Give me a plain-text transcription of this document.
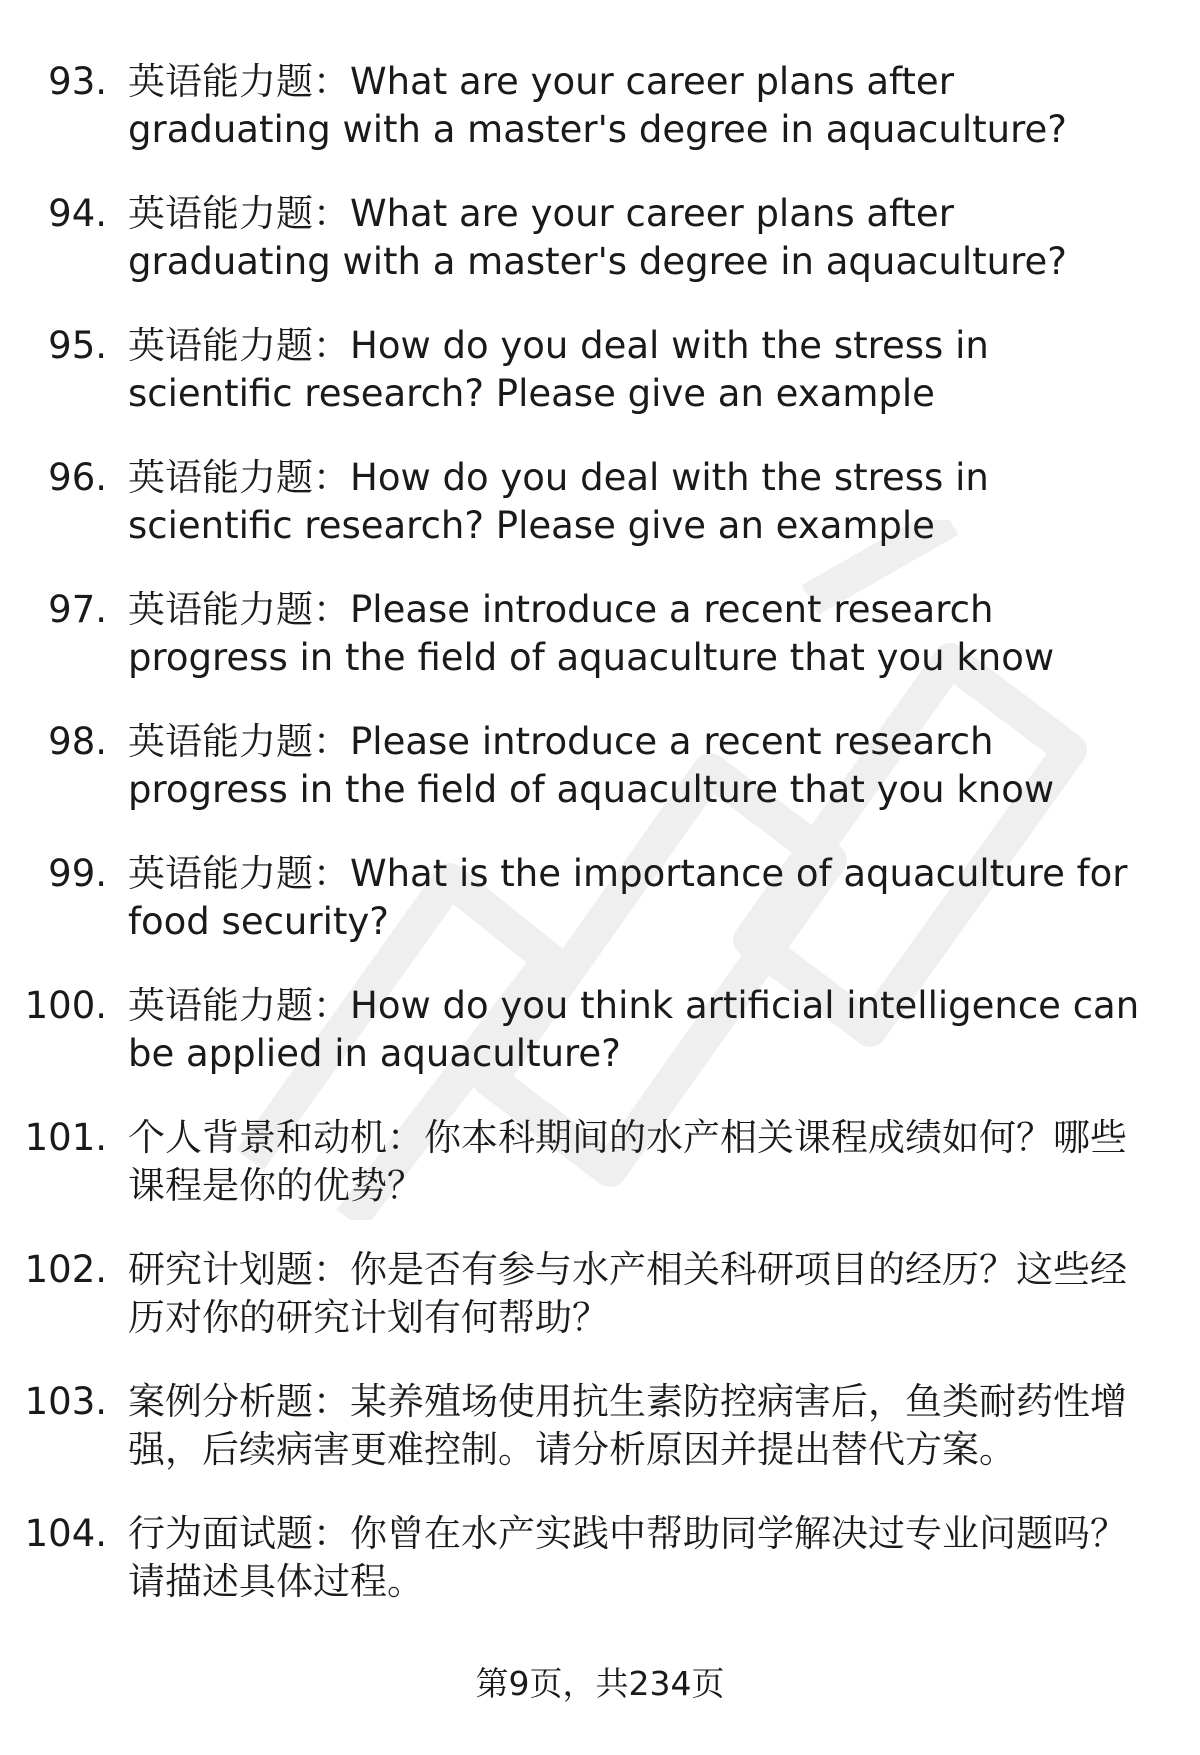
93. 英语能力题：What are your career plans after graduating with a master's degree in aquaculture?

94. 英语能力题：What are your career plans after graduating with a master's degree in aquaculture?

95. 英语能力题：How do you deal with the stress in scientific research? Please give an example

96. 英语能力题：How do you deal with the stress in scientific research? Please give an example

97. 英语能力题：Please introduce a recent research progress in the field of aquaculture that you know

98. 英语能力题：Please introduce a recent research progress in the field of aquaculture that you know

99. 英语能力题：What is the importance of aquaculture for food security?

100. 英语能力题：How do you think artificial intelligence can be applied in aquaculture?

101. 个人背景和动机：你本科期间的水产相关课程成绩如何？哪些课程是你的优势？

102. 研究计划题：你是否有参与水产相关科研项目的经历？这些经历对你的研究计划有何帮助？

103. 案例分析题：某养殖场使用抗生素防控病害后，鱼类耐药性增强，后续病害更难控制。请分析原因并提出替代方案。

104. 行为面试题：你曾在水产实践中帮助同学解决过专业问题吗？请描述具体过程。

第9页，共234页
